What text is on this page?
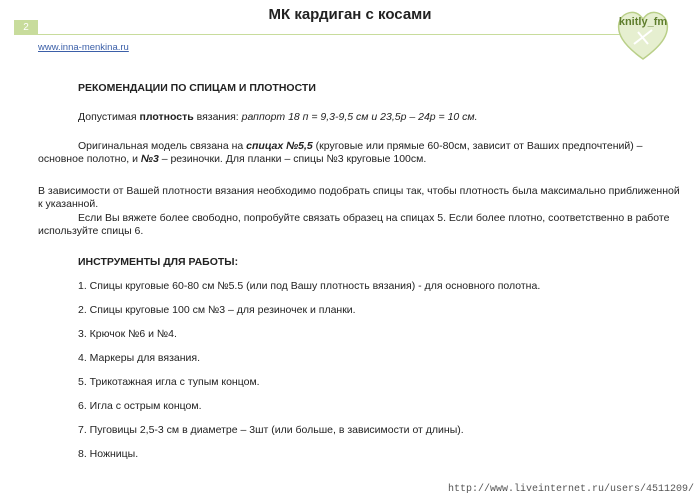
2
МК кардиган с косами
www.inna-menkina.ru
knitly_fm
РЕКОМЕНДАЦИИ ПО СПИЦАМ И ПЛОТНОСТИ
Допустимая плотность вязания: раппорт 18 п = 9,3-9,5 см и 23,5р – 24р = 10 см.
Оригинальная модель связана на спицах №5,5 (круговые или прямые 60-80см, зависит от Ваших предпочтений) – основное полотно, и №3 – резиночки. Для планки – спицы №3 круговые 100см.
В зависимости от Вашей плотности вязания необходимо подобрать спицы так, чтобы плотность была максимально приближенной к указанной.
Если Вы вяжете более свободно, попробуйте связать образец на спицах 5. Если более плотно, соответственно в работе используйте спицы 6.
ИНСТРУМЕНТЫ ДЛЯ РАБОТЫ:
1. Спицы круговые 60-80 см №5.5 (или под Вашу плотность вязания) - для основного полотна.
2. Спицы круговые 100 см №3 – для резиночек и планки.
3. Крючок №6 и №4.
4. Маркеры для вязания.
5. Трикотажная игла с тупым концом.
6. Игла с острым концом.
7. Пуговицы 2,5-3 см в диаметре – 3шт (или больше, в зависимости от длины).
8. Ножницы.
http://www.liveinternet.ru/users/4511209/
